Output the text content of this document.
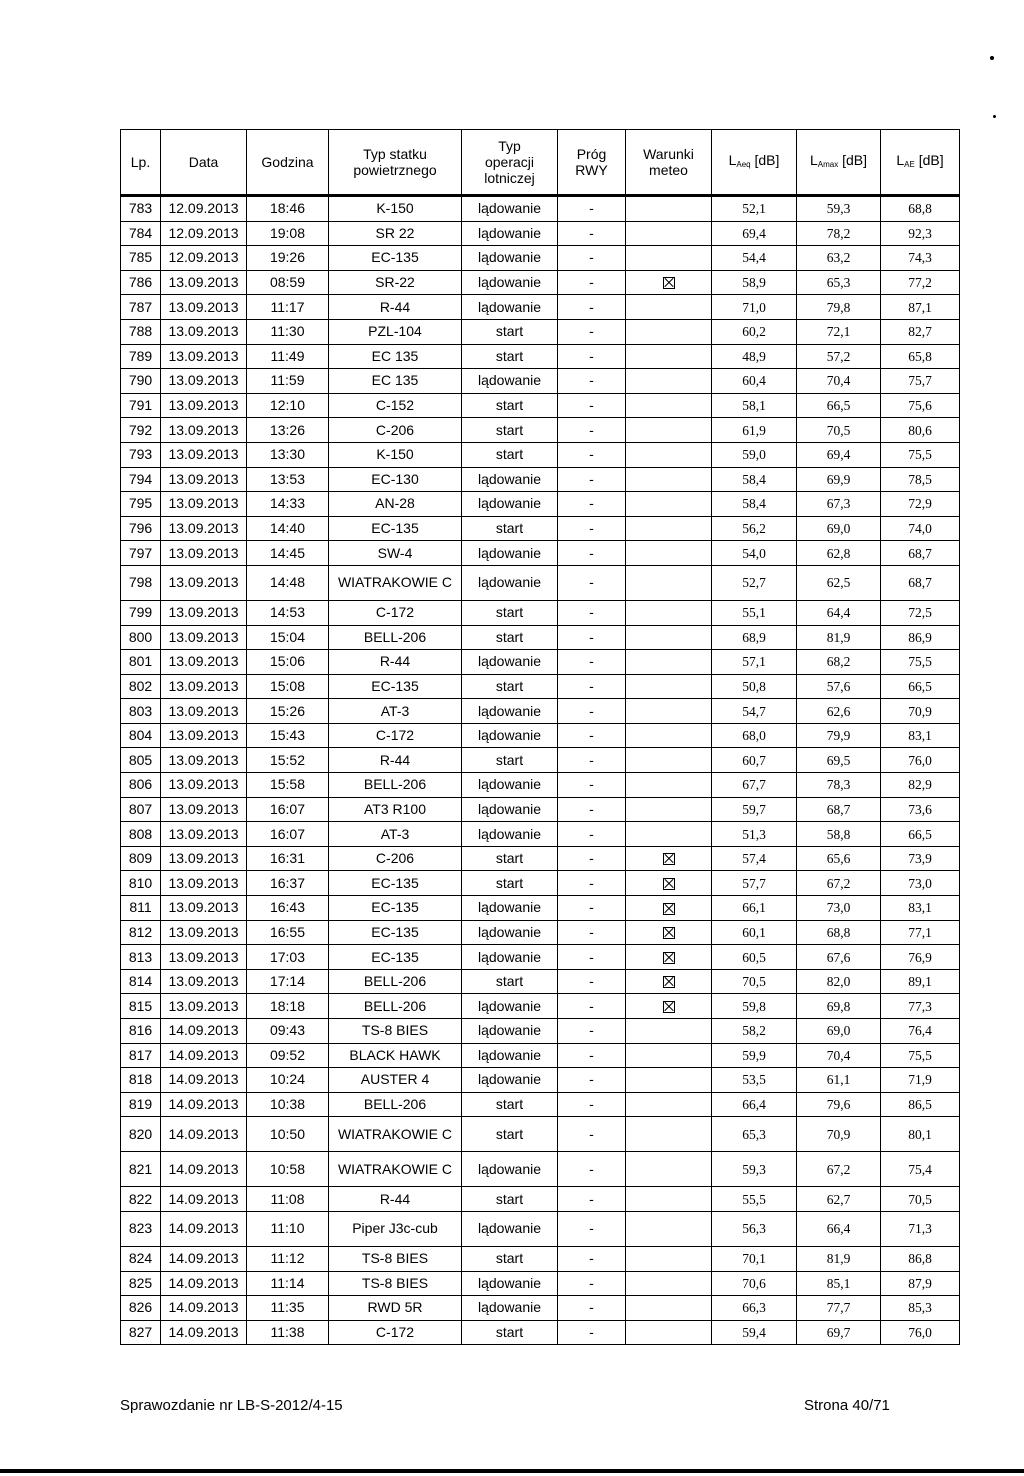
Lp.	Data	Godzina	Typ statku powietrznego	Typ operacji lotniczej	Próg RWY	Warunki meteo	$L_{Aeq}$ [dB]	$L_{Amax}$ [dB]	$L_{AE}$ [dB]
783	12.09.2013	18:46	K-150	lądowanie	-		52,1	59,3	68,8
784	12.09.2013	19:08	SR 22	lądowanie	-		69,4	78,2	92,3
785	12.09.2013	19:26	EC-135	lądowanie	-		54,4	63,2	74,3
786	13.09.2013	08:59	SR-22	lądowanie	-		58,9	65,3	77,2
787	13.09.2013	11:17	R-44	lądowanie	-		71,0	79,8	87,1
788	13.09.2013	11:30	PZL-104	start	-		60,2	72,1	82,7
789	13.09.2013	11:49	EC 135	start	-		48,9	57,2	65,8
790	13.09.2013	11:59	EC 135	lądowanie	-		60,4	70,4	75,7
791	13.09.2013	12:10	C-152	start	-		58,1	66,5	75,6
792	13.09.2013	13:26	C-206	start	-		61,9	70,5	80,6
793	13.09.2013	13:30	K-150	start	-		59,0	69,4	75,5
794	13.09.2013	13:53	EC-130	lądowanie	-		58,4	69,9	78,5
795	13.09.2013	14:33	AN-28	lądowanie	-		58,4	67,3	72,9
796	13.09.2013	14:40	EC-135	start	-		56,2	69,0	74,0
797	13.09.2013	14:45	SW-4	lądowanie	-		54,0	62,8	68,7
798	13.09.2013	14:48	WIATRAKOWIE C	lądowanie	-		52,7	62,5	68,7
799	13.09.2013	14:53	C-172	start	-		55,1	64,4	72,5
800	13.09.2013	15:04	BELL-206	start	-		68,9	81,9	86,9
801	13.09.2013	15:06	R-44	lądowanie	-		57,1	68,2	75,5
802	13.09.2013	15:08	EC-135	start	-		50,8	57,6	66,5
803	13.09.2013	15:26	AT-3	lądowanie	-		54,7	62,6	70,9
804	13.09.2013	15:43	C-172	lądowanie	-		68,0	79,9	83,1
805	13.09.2013	15:52	R-44	start	-		60,7	69,5	76,0
806	13.09.2013	15:58	BELL-206	lądowanie	-		67,7	78,3	82,9
807	13.09.2013	16:07	AT3 R100	lądowanie	-		59,7	68,7	73,6
808	13.09.2013	16:07	AT-3	lądowanie	-		51,3	58,8	66,5
809	13.09.2013	16:31	C-206	start	-		57,4	65,6	73,9
810	13.09.2013	16:37	EC-135	start	-		57,7	67,2	73,0
811	13.09.2013	16:43	EC-135	lądowanie	-		66,1	73,0	83,1
812	13.09.2013	16:55	EC-135	lądowanie	-		60,1	68,8	77,1
813	13.09.2013	17:03	EC-135	lądowanie	-		60,5	67,6	76,9
814	13.09.2013	17:14	BELL-206	start	-		70,5	82,0	89,1
815	13.09.2013	18:18	BELL-206	lądowanie	-		59,8	69,8	77,3
816	14.09.2013	09:43	TS-8 BIES	lądowanie	-		58,2	69,0	76,4
817	14.09.2013	09:52	BLACK HAWK	lądowanie	-		59,9	70,4	75,5
818	14.09.2013	10:24	AUSTER 4	lądowanie	-		53,5	61,1	71,9
819	14.09.2013	10:38	BELL-206	start	-		66,4	79,6	86,5
820	14.09.2013	10:50	WIATRAKOWIE C	start	-		65,3	70,9	80,1
821	14.09.2013	10:58	WIATRAKOWIE C	lądowanie	-		59,3	67,2	75,4
822	14.09.2013	11:08	R-44	start	-		55,5	62,7	70,5
823	14.09.2013	11:10	Piper J3c-cub	lądowanie	-		56,3	66,4	71,3
824	14.09.2013	11:12	TS-8 BIES	start	-		70,1	81,9	86,8
825	14.09.2013	11:14	TS-8 BIES	lądowanie	-		70,6	85,1	87,9
826	14.09.2013	11:35	RWD 5R	lądowanie	-		66,3	77,7	85,3
827	14.09.2013	11:38	C-172	start	-		59,4	69,7	76,0
Sprawozdanie nr LB-S-2012/4-15	Strona 40/71
